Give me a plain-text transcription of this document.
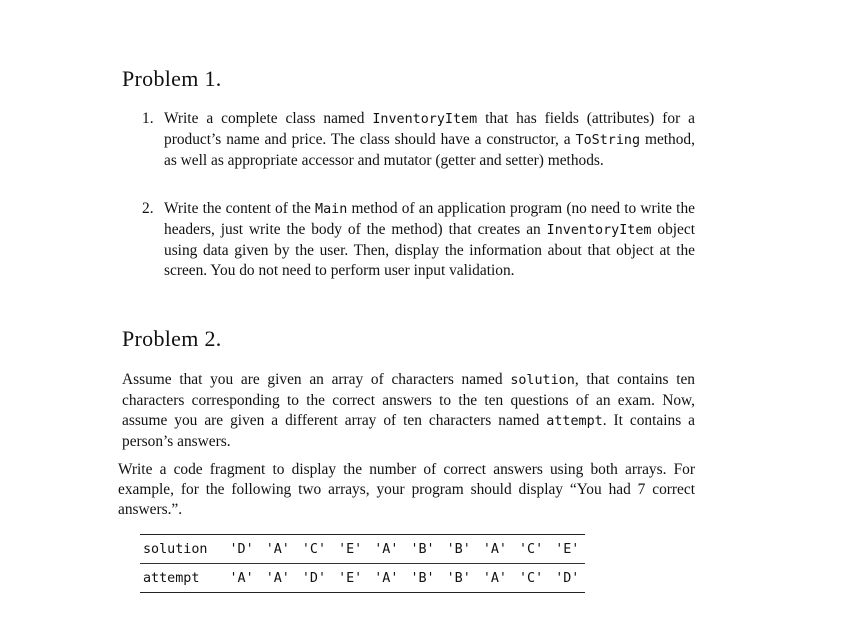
Problem 1.
1. Write a complete class named InventoryItem that has fields (attributes) for a product’s name and price. The class should have a constructor, a ToString method, as well as appropriate accessor and mutator (getter and setter) methods.
2. Write the content of the Main method of an application program (no need to write the headers, just write the body of the method) that creates an InventoryItem object using data given by the user. Then, display the information about that object at the screen. You do not need to perform user input validation.
Problem 2.
Assume that you are given an array of characters named solution, that contains ten characters corresponding to the correct answers to the ten questions of an exam. Now, assume you are given a different array of ten characters named attempt. It contains a person’s answers.
Write a code fragment to display the number of correct answers using both arrays. For example, for the following two arrays, your program should display “You had 7 correct answers.”.
solution	'D'	'A'	'C'	'E'	'A'	'B'	'B'	'A'	'C'	'E'
attempt	'A'	'A'	'D'	'E'	'A'	'B'	'B'	'A'	'C'	'D'
